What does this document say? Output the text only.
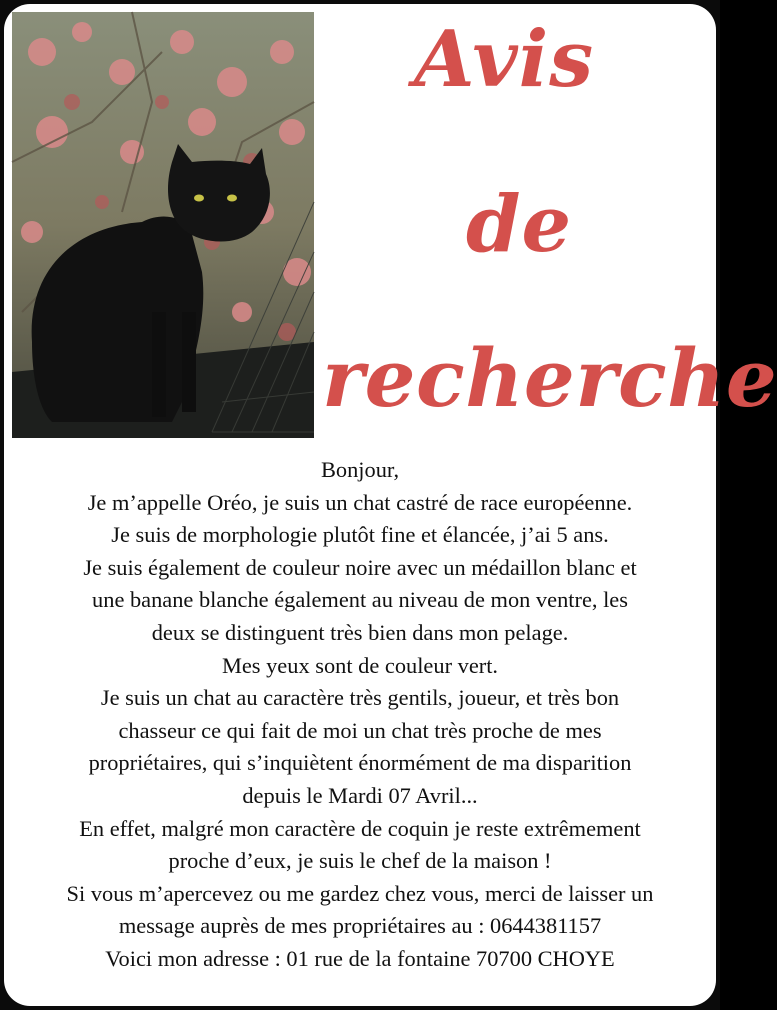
Avis
de
recherche
Bonjour,
Je m’appelle Oréo, je suis un chat castré de race européenne.
Je suis de morphologie plutôt fine et élancée, j’ai 5 ans.
Je suis également de couleur noire avec un médaillon blanc et
une banane blanche également au niveau de mon ventre, les
deux se distinguent très bien dans mon pelage.
Mes yeux sont de couleur vert.
Je suis un chat au caractère très gentils, joueur, et très bon
chasseur ce qui fait de moi un chat très proche de mes
propriétaires, qui s’inquiètent énormément de ma disparition
depuis le Mardi 07 Avril...
En effet, malgré mon caractère de coquin je reste extrêmement
proche d’eux, je suis le chef de la maison !
Si vous m’apercevez ou me gardez chez vous, merci de laisser un
message auprès de mes propriétaires au : 0644381157
Voici mon adresse : 01 rue de la fontaine 70700 CHOYE
